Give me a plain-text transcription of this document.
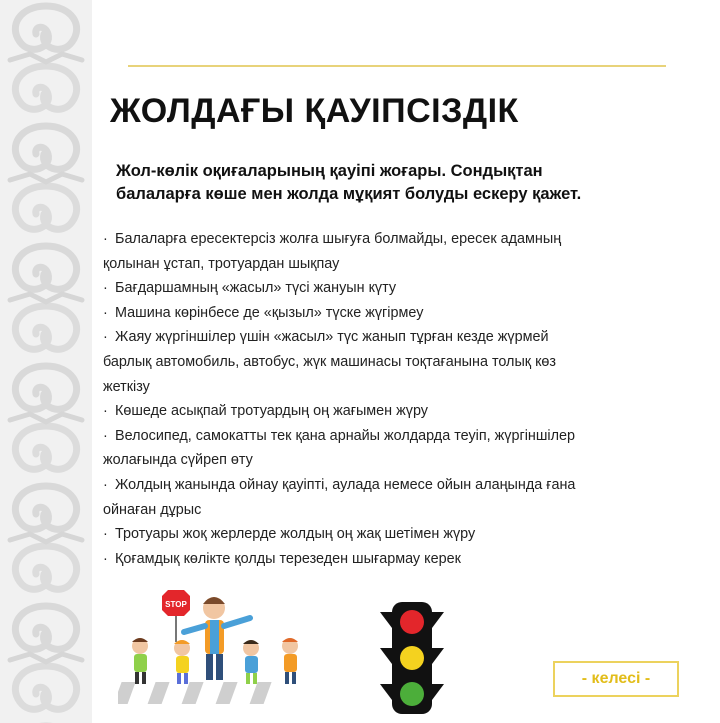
ЖОЛДАҒЫ ҚАУІПСІЗДІК
Жол-көлік оқиғаларының қауіпі жоғары. Сондықтан
балаларға көше мен жолда мұқият болуды ескеру қажет.
· Балаларға ересектерсіз жолға шығуға болмайды, ересек адамның
қолынан ұстап, тротуардан шықпау
· Бағдаршамның «жасыл» түсі жануын күту
· Машина көрінбесе де «қызыл» түске жүгірмеу
· Жаяу жүргіншілер үшін «жасыл» түс жанып тұрған кезде жүрмей
барлық автомобиль, автобус, жүк машинасы тоқтағанына толық көз
жеткізу
· Көшеде асықпай тротуардың оң жағымен жүру
· Велосипед, самокатты тек қана арнайы жолдарда теуіп, жүргіншілер
жолағында сүйреп өту
· Жолдың жанында ойнау қауіпті, аулада немесе ойын алаңында ғана
ойнаған дұрыс
· Тротуары жоқ жерлерде жолдың оң жақ шетімен жүру
· Қоғамдық көлікте қолды терезеден шығармау керек
STOP
- келесі -
